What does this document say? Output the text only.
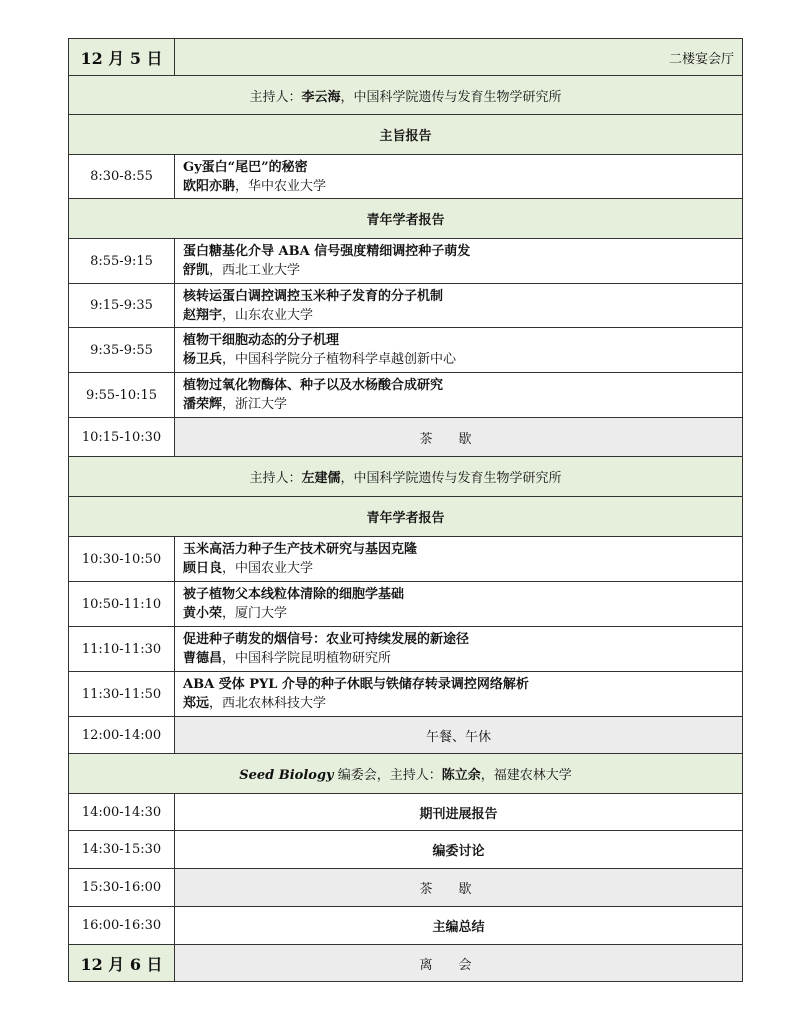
12 月 5 日	二楼宴会厅
主持人：李云海，中国科学院遗传与发育生物学研究所	
主旨报告	
8:30-8:55	Gy蛋白“尾巴”的秘密
欧阳亦聃，华中农业大学
青年学者报告	
8:55-9:15	蛋白糖基化介导 ABA 信号强度精细调控种子萌发
舒凯，西北工业大学
9:15-9:35	核转运蛋白调控调控玉米种子发育的分子机制
赵翔宇，山东农业大学
9:35-9:55	植物干细胞动态的分子机理
杨卫兵，中国科学院分子植物科学卓越创新中心
9:55-10:15	植物过氧化物酶体、种子以及水杨酸合成研究
潘荣辉，浙江大学
10:15-10:30	茶歇
主持人：左建儒，中国科学院遗传与发育生物学研究所	
青年学者报告	
10:30-10:50	玉米高活力种子生产技术研究与基因克隆
顾日良，中国农业大学
10:50-11:10	被子植物父本线粒体清除的细胞学基础
黄小荣，厦门大学
11:10-11:30	促进种子萌发的烟信号：农业可持续发展的新途径
曹德昌，中国科学院昆明植物研究所
11:30-11:50	ABA 受体 PYL 介导的种子休眠与铁储存转录调控网络解析
郑远，西北农林科技大学
12:00-14:00	午餐、午休
Seed Biology 编委会，主持人：陈立余，福建农林大学	
14:00-14:30	期刊进展报告
14:30-15:30	编委讨论
15:30-16:00	茶歇
16:00-16:30	主编总结
12 月 6 日	离会
